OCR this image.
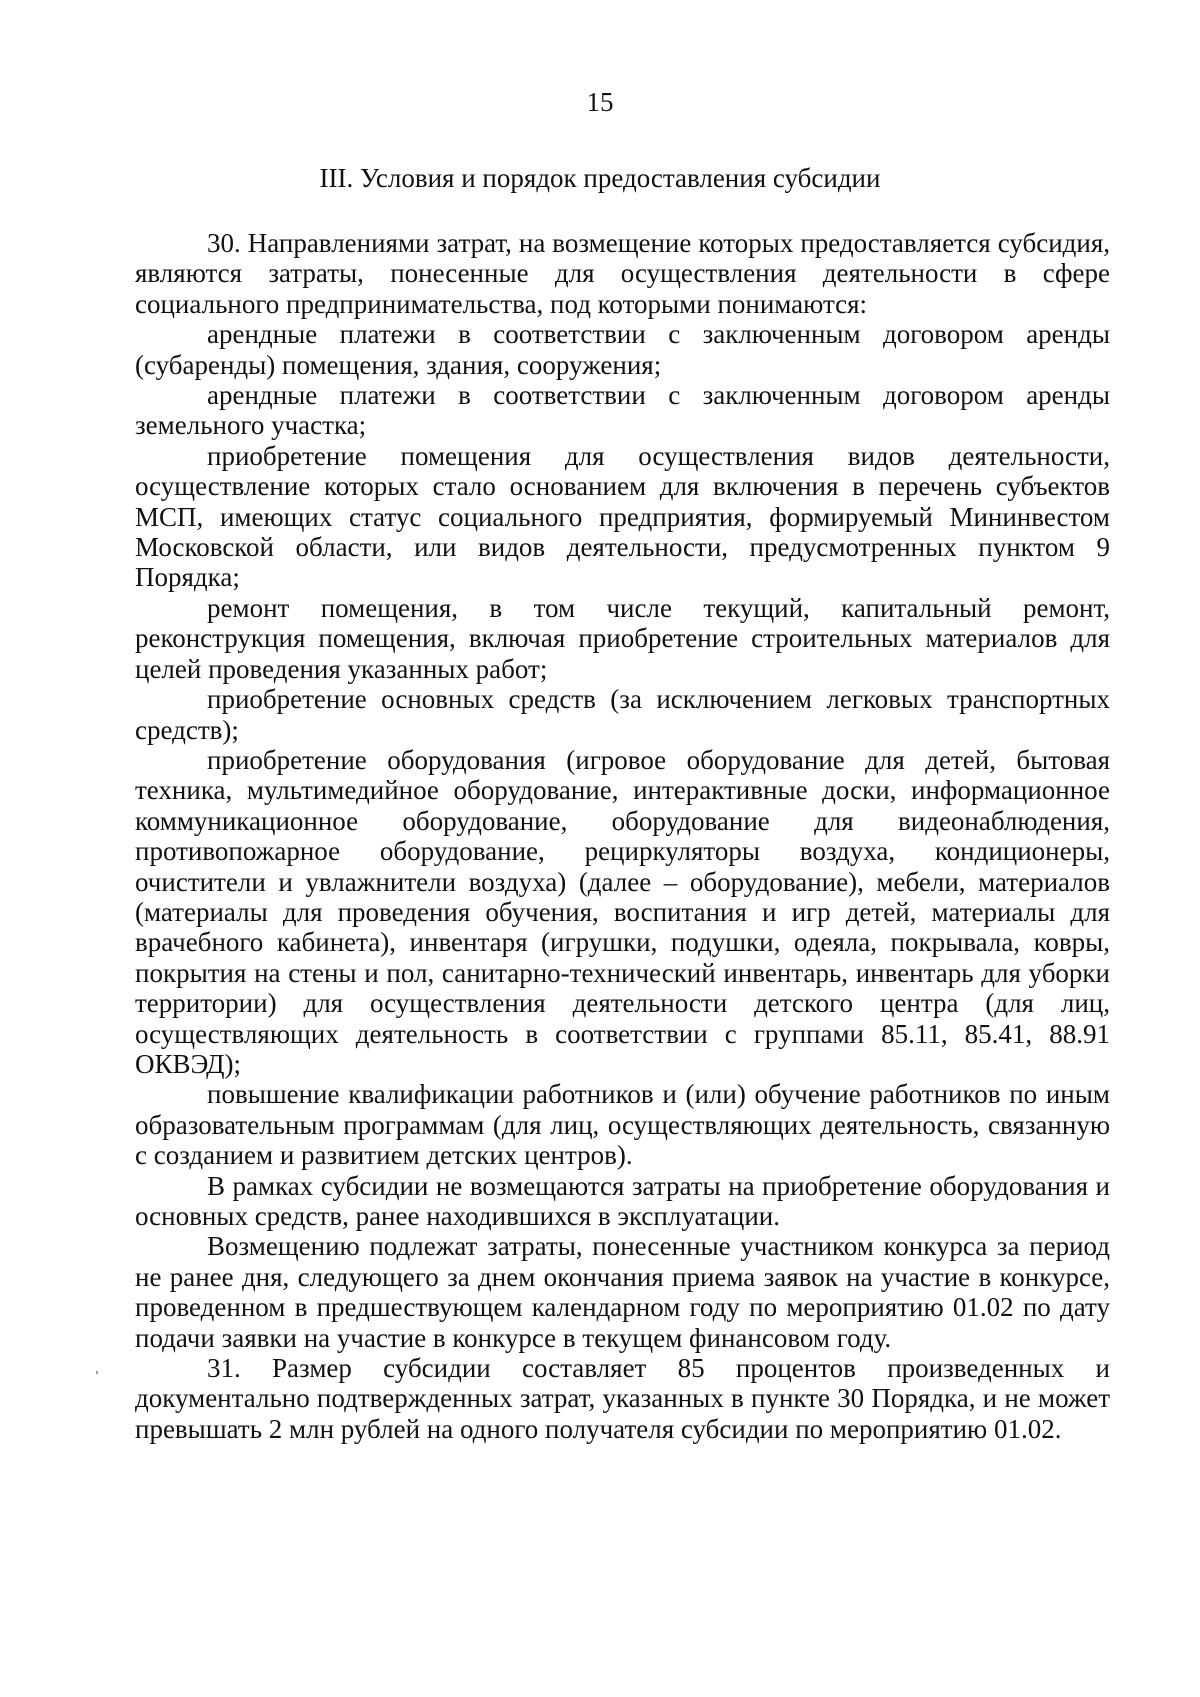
15
III. Условия и порядок предоставления субсидии

30. Направлениями затрат, на возмещение которых предоставляется субсидия, являются затраты, понесенные для осуществления деятельности в сфере социального предпринимательства, под которыми понимаются:

арендные платежи в соответствии с заключенным договором аренды (субаренды) помещения, здания, сооружения;

арендные платежи в соответствии с заключенным договором аренды земельного участка;

приобретение помещения для осуществления видов деятельности, осуществление которых стало основанием для включения в перечень субъектов МСП, имеющих статус социального предприятия, формируемый Мининвестом Московской области, или видов деятельности, предусмотренных пунктом 9 Порядка;

ремонт помещения, в том числе текущий, капитальный ремонт, реконструкция помещения, включая приобретение строительных материалов для целей проведения указанных работ;

приобретение основных средств (за исключением легковых транспортных средств);

приобретение оборудования (игровое оборудование для детей, бытовая техника, мультимедийное оборудование, интерактивные доски, информационное коммуникационное оборудование, оборудование для видеонаблюдения, противопожарное оборудование, рециркуляторы воздуха, кондиционеры, очистители и увлажнители воздуха) (далее – оборудование), мебели, материалов (материалы для проведения обучения, воспитания и игр детей, материалы для врачебного кабинета), инвентаря (игрушки, подушки, одеяла, покрывала, ковры, покрытия на стены и пол, санитарно-технический инвентарь, инвентарь для уборки территории) для осуществления деятельности детского центра (для лиц, осуществляющих деятельность в соответствии с группами 85.11, 85.41, 88.91 ОКВЭД);

повышение квалификации работников и (или) обучение работников по иным образовательным программам (для лиц, осуществляющих деятельность, связанную с созданием и развитием детских центров).

В рамках субсидии не возмещаются затраты на приобретение оборудования и основных средств, ранее находившихся в эксплуатации.

Возмещению подлежат затраты, понесенные участником конкурса за период не ранее дня, следующего за днем окончания приема заявок на участие в конкурсе, проведенном в предшествующем календарном году по мероприятию 01.02 по дату подачи заявки на участие в конкурсе в текущем финансовом году.

31. Размер субсидии составляет 85 процентов произведенных и документально подтвержденных затрат, указанных в пункте 30 Порядка, и не может превышать 2 млн рублей на одного получателя субсидии по мероприятию 01.02.
